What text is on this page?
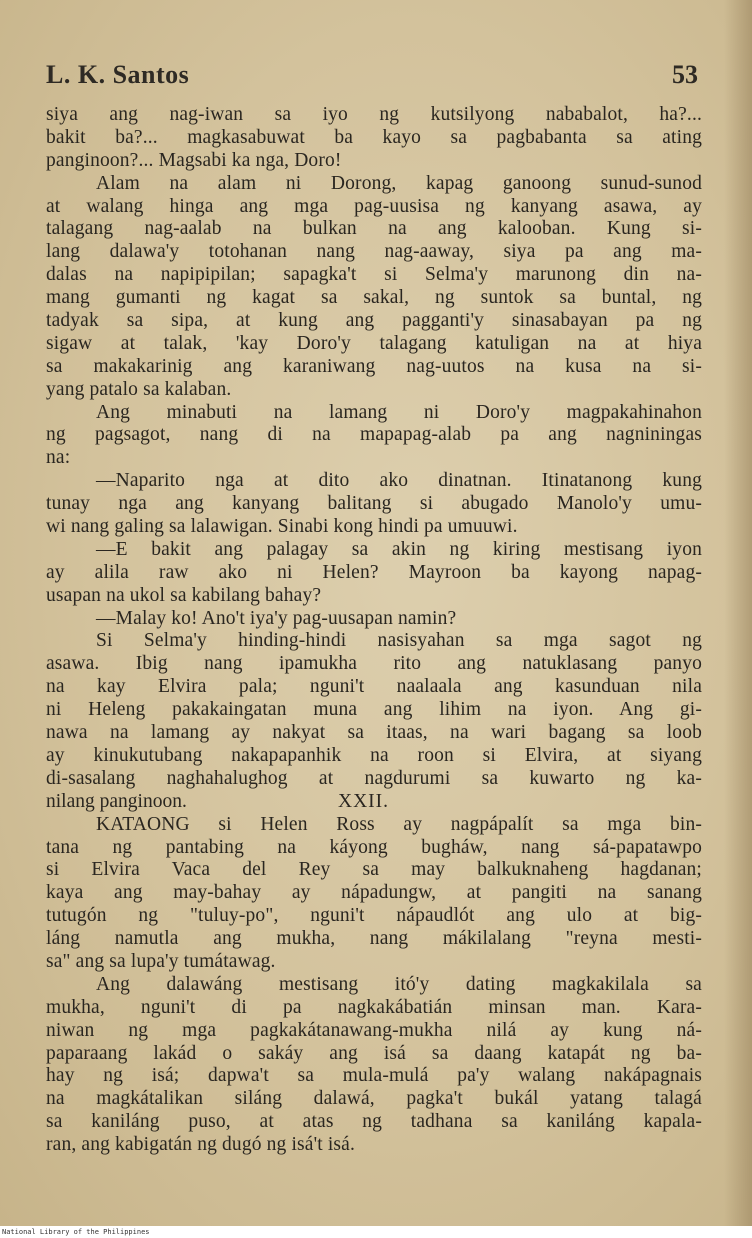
L. K. Santos	53
siya ang nag-iwan sa iyo ng kutsilyong nababalot, ha?...
bakit ba?... magkasabuwat ba kayo sa pagbabanta sa ating
panginoon?... Magsabi ka nga, Doro!
Alam na alam ni Dorong, kapag ganoong sunud-sunod
at walang hinga ang mga pag-uusisa ng kanyang asawa, ay
talagang nag-aalab na bulkan na ang kalooban. Kung si-
lang dalawa'y totohanan nang nag-aaway, siya pa ang ma-
dalas na napipipilan; sapagka't si Selma'y marunong din na-
mang gumanti ng kagat sa sakal, ng suntok sa buntal, ng
tadyak sa sipa, at kung ang pagganti'y sinasabayan pa ng
sigaw at talak, 'kay Doro'y talagang katuligan na at hiya
sa makakarinig ang karaniwang nag-uutos na kusa na si-
yang patalo sa kalaban.
Ang minabuti na lamang ni Doro'y magpakahinahon
ng pagsagot, nang di na mapapag-alab pa ang nagniningas
na:
—Naparito nga at dito ako dinatnan. Itinatanong kung
tunay nga ang kanyang balitang si abugado Manolo'y umu-
wi nang galing sa lalawigan. Sinabi kong hindi pa umuuwi.
—E bakit ang palagay sa akin ng kiring mestisang iyon
ay alila raw ako ni Helen? Mayroon ba kayong napag-
usapan na ukol sa kabilang bahay?
—Malay ko! Ano't iya'y pag-uusapan namin?
Si Selma'y hinding-hindi nasisyahan sa mga sagot ng
asawa. Ibig nang ipamukha rito ang natuklasang panyo
na kay Elvira pala; nguni't naalaala ang kasunduan nila
ni Heleng pakakaingatan muna ang lihim na iyon. Ang gi-
nawa na lamang ay nakyat sa itaas, na wari bagang sa loob
ay kinukutubang nakapapanhik na roon si Elvira, at siyang
di-sasalang naghahalughog at nagdurumi sa kuwarto ng ka-
nilang panginoon.	XXII.
KATAONG si Helen Ross ay nagpápalít sa mga bin-
tana ng pantabing na káyong bugháw, nang sá-papatawpo
si Elvira Vaca del Rey sa may balkuknaheng hagdanan;
kaya ang may-bahay ay nápadungw, at pangiti na sanang
tutugón ng "tuluy-po", nguni't nápaudlót ang ulo at big-
láng namutla ang mukha, nang mákilalang "reyna mesti-
sa" ang sa lupa'y tumátawag.
Ang dalawáng mestisang itó'y dating magkakilala sa
mukha, nguni't di pa nagkakábatián minsan man. Kara-
niwan ng mga pagkakátanawang-mukha nilá ay kung ná-
paparaang lakád o sakáy ang isá sa daang katapát ng ba-
hay ng isá; dapwa't sa mula-mulá pa'y walang nakápagnais
na magkátalikan siláng dalawá, pagka't bukál yatang talagá
sa kaniláng puso, at atas ng tadhana sa kaniláng kapala-
ran, ang kabigatán ng dugó ng isá't isá.
National Library of the Philippines
